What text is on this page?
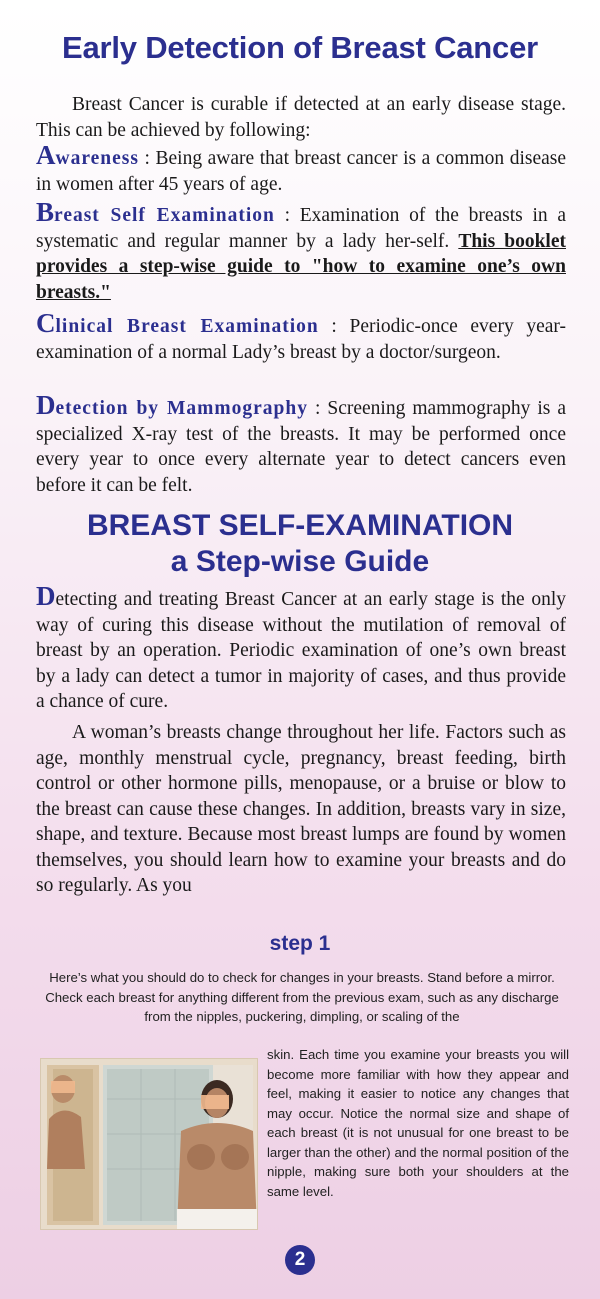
Early Detection of Breast Cancer

Breast Cancer is curable if detected at an early disease stage. This can be achieved by following:

Awareness : Being aware that breast cancer is a common disease in women after 45 years of age.

Breast Self Examination : Examination of the breasts in a systematic and regular manner by a lady her-self. This booklet provides a step-wise guide to "how to examine one’s own breasts."

Clinical Breast Examination : Periodic-once every year-examination of a normal Lady’s breast by a doctor/surgeon.

Detection by Mammography : Screening mammography is a specialized X-ray test of the breasts. It may be performed once every year to once every alternate year to detect cancers even before it can be felt.

BREAST SELF-EXAMINATION
a Step-wise Guide

Detecting and treating Breast Cancer at an early stage is the only way of curing this disease without the mutilation of removal of breast by an operation. Periodic examination of one’s own breast by a lady can detect a tumor in majority of cases, and thus provide a chance of cure.

A woman’s breasts change throughout her life. Factors such as age, monthly menstrual cycle, pregnancy, breast feeding, birth control or other hormone pills, menopause, or a bruise or blow to the breast can cause these changes. In addition, breasts vary in size, shape, and texture. Because most breast lumps are found by women themselves, you should learn how to examine your breasts and do so regularly. As you

step 1

Here’s what you should do to check for changes in your breasts. Stand before a mirror. Check each breast for anything different from the previous exam, such as any discharge from the nipples, puckering, dimpling, or scaling of the

skin. Each time you examine your breasts you will become more familiar with how they appear and feel, making it easier to notice any changes that may occur. Notice the normal size and shape of each breast (it is not unusual for one breast to be larger than the other) and the normal position of the nipple, making sure both your shoulders at the same level.

2
